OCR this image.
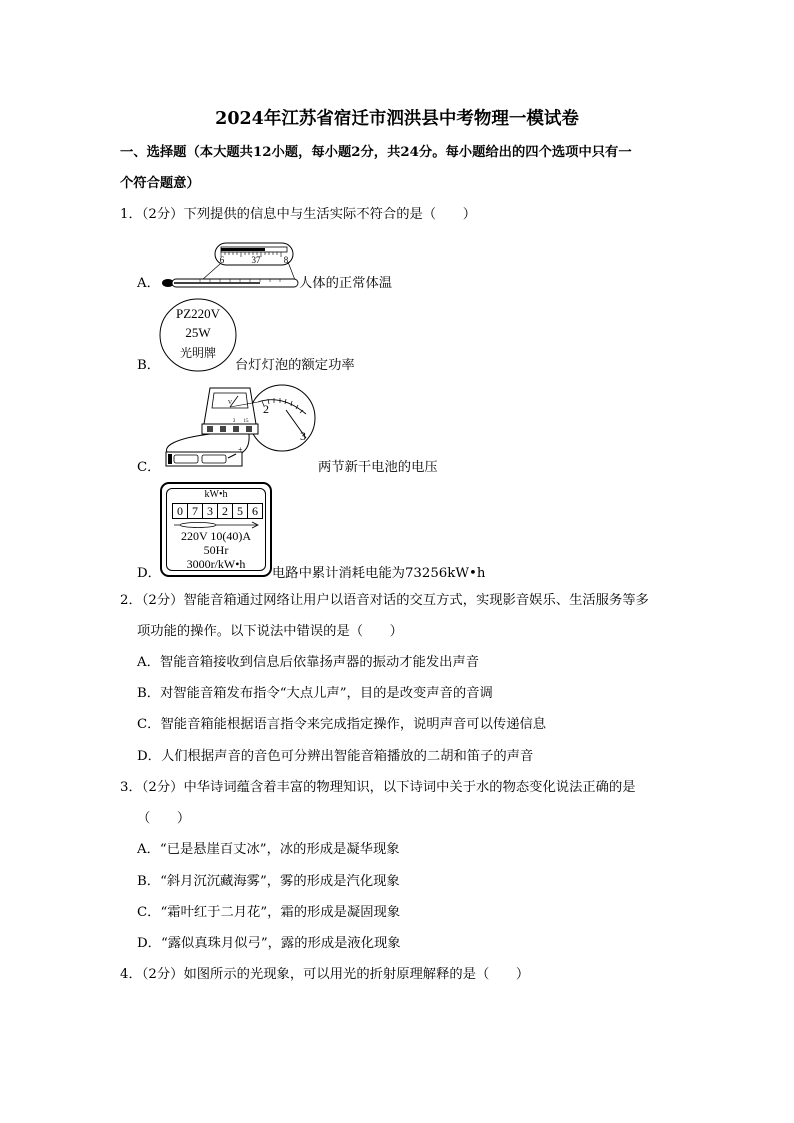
2024年江苏省宿迁市泗洪县中考物理一模试卷
一、选择题（本大题共12小题，每小题2分，共24分。每小题给出的四个选项中只有一
个符合题意）
1．（2分）下列提供的信息中与生活实际不符合的是（　　）
A．
6	37	8
人体的正常体温
B．
PZ220V
25W
光明牌
台灯灯泡的额定功率
C．
2
3
V
3 15
+
两节新干电池的电压
D．
kW•h
0 7 3 2 5 6
220V 10(40)A
50Hr
3000r/kW•h
电路中累计消耗电能为73256kW•h
2．（2分）智能音箱通过网络让用户以语音对话的交互方式，实现影音娱乐、生活服务等多
项功能的操作。以下说法中错误的是（　　）
A．智能音箱接收到信息后依靠扬声器的振动才能发出声音
B．对智能音箱发布指令“大点儿声”，目的是改变声音的音调
C．智能音箱能根据语言指令来完成指定操作，说明声音可以传递信息
D．人们根据声音的音色可分辨出智能音箱播放的二胡和笛子的声音
3．（2分）中华诗词蕴含着丰富的物理知识，以下诗词中关于水的物态变化说法正确的是
（　　）
A．“已是悬崖百丈冰”，冰的形成是凝华现象
B．“斜月沉沉藏海雾”，雾的形成是汽化现象
C．“霜叶红于二月花”，霜的形成是凝固现象
D．“露似真珠月似弓”，露的形成是液化现象
4．（2分）如图所示的光现象，可以用光的折射原理解释的是（　　）
